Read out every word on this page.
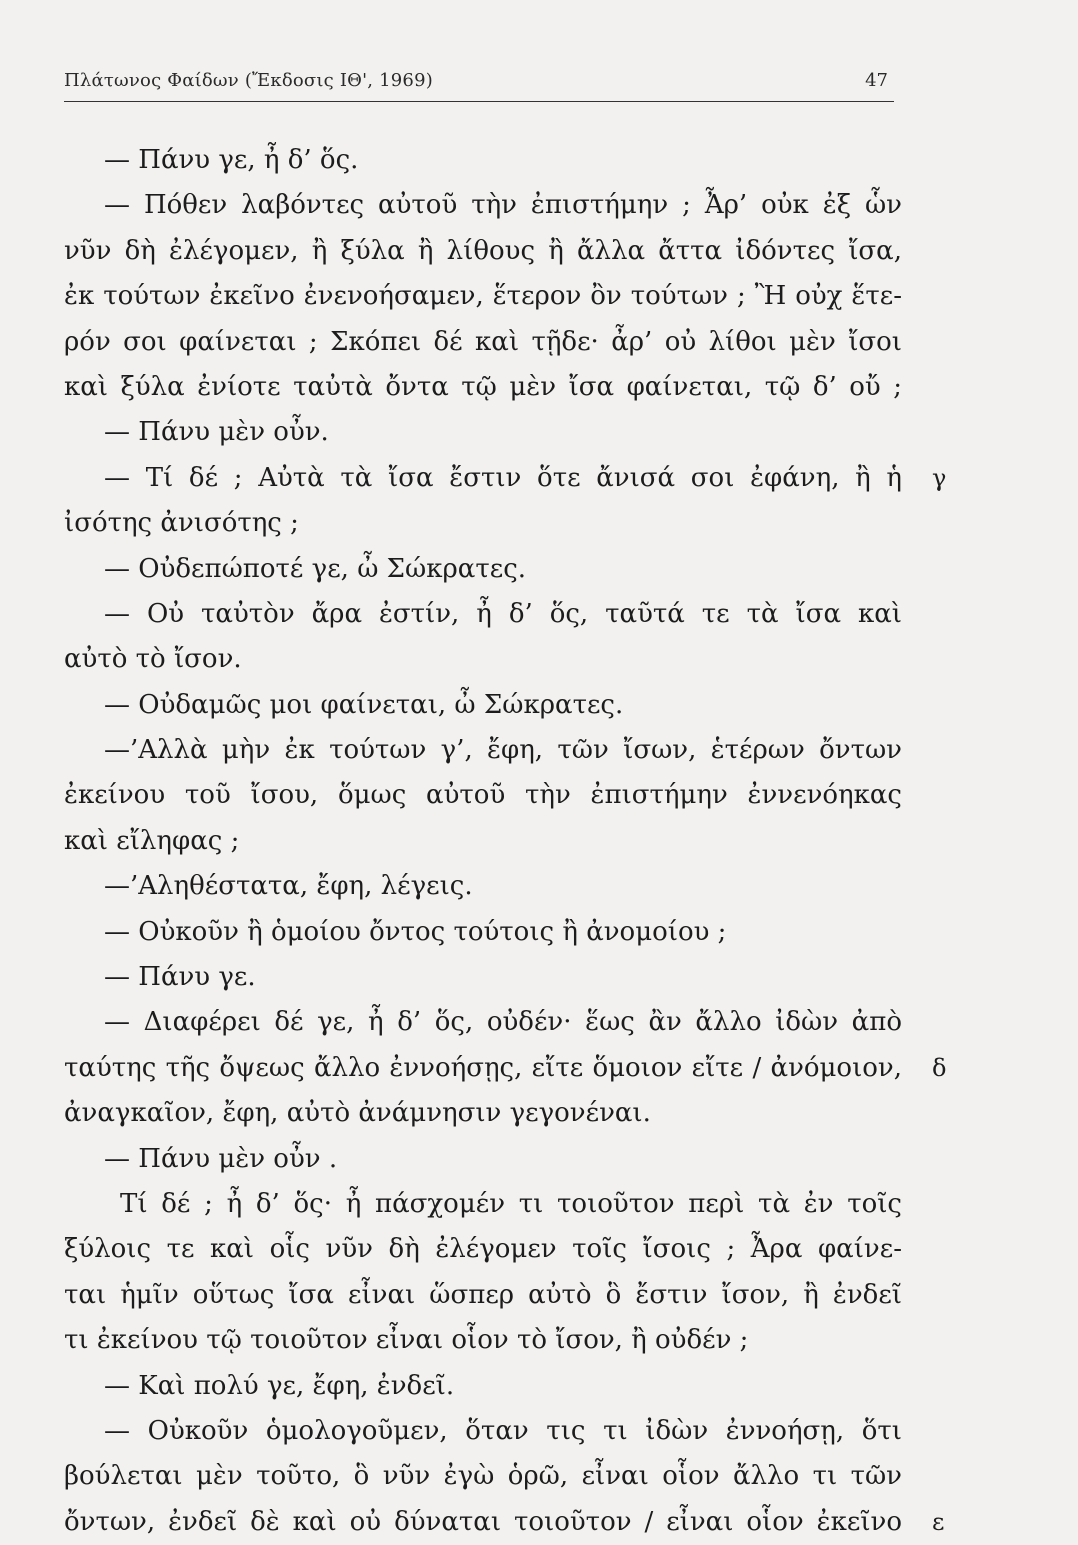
Πλάτωνος Φαίδων (Ἔκδοσις ΙΘ', 1969)	47
— Πάνυ γε, ἦ δ’ ὅς.
— Πόθεν λαβόντες αὐτοῦ τὴν ἐπιστήμην ; Ἆρ’ οὐκ ἐξ ὧν
νῦν δὴ ἐλέγομεν, ἢ ξύλα ἢ λίθους ἢ ἄλλα ἄττα ἰδόντες ἴσα,
ἐκ τούτων ἐκεῖνο ἐνενοήσαμεν, ἕτερον ὂν τούτων ; Ἢ οὐχ ἕτε-
ρόν σοι φαίνεται ; Σκόπει δέ καὶ τῇδε· ἆρ’ οὐ λίθοι μὲν ἴσοι
καὶ ξύλα ἐνίοτε ταὐτὰ ὄντα τῷ μὲν ἴσα φαίνεται, τῷ δ’ οὔ ;
— Πάνυ μὲν οὖν.
— Τί δέ ; Αὐτὰ τὰ ἴσα ἔστιν ὅτε ἄνισά σοι ἐφάνη, ἢ ἡ
ἰσότης ἀνισότης ;
— Οὐδεπώποτέ γε, ὦ Σώκρατες.
— Οὐ ταὐτὸν ἄρα ἐστίν, ἦ δ’ ὅς, ταῦτά τε τὰ ἴσα καὶ
αὐτὸ τὸ ἴσον.
— Οὐδαμῶς μοι φαίνεται, ὦ Σώκρατες.
—’Αλλὰ μὴν ἐκ τούτων γ’, ἔφη, τῶν ἴσων, ἑτέρων ὄντων
ἐκείνου τοῦ ἴσου, ὅμως αὐτοῦ τὴν ἐπιστήμην ἐννενόηκας
καὶ εἴληφας ;
—’Αληθέστατα, ἔφη, λέγεις.
— Οὐκοῦν ἢ ὁμοίου ὄντος τούτοις ἢ ἀνομοίου ;
— Πάνυ γε.
— Διαφέρει δέ γε, ἦ δ’ ὅς, οὐδέν· ἕως ἂν ἄλλο ἰδὼν ἀπὸ
ταύτης τῆς ὄψεως ἄλλο ἐννοήσῃς, εἴτε ὅμοιον εἴτε / ἀνόμοιον,
ἀναγκαῖον, ἔφη, αὐτὸ ἀνάμνησιν γεγονέναι.
— Πάνυ μὲν οὖν .
Τί δέ ; ἦ δ’ ὅς· ἦ πάσχομέν τι τοιοῦτον περὶ τὰ ἐν τοῖς
ξύλοις τε καὶ οἷς νῦν δὴ ἐλέγομεν τοῖς ἴσοις ; Ἆρα φαίνε-
ται ἡμῖν οὕτως ἴσα εἶναι ὥσπερ αὐτὸ ὃ ἔστιν ἴσον, ἢ ἐνδεῖ
τι ἐκείνου τῷ τοιοῦτον εἶναι οἷον τὸ ἴσον, ἢ οὐδέν ;
— Καὶ πολύ γε, ἔφη, ἐνδεῖ.
— Οὐκοῦν ὁμολογοῦμεν, ὅταν τις τι ἰδὼν ἐννοήσῃ, ὅτι
βούλεται μὲν τοῦτο, ὃ νῦν ἐγὼ ὁρῶ, εἶναι οἷον ἄλλο τι τῶν
ὄντων, ἐνδεῖ δὲ καὶ οὐ δύναται τοιοῦτον / εἶναι οἷον ἐκεῖνο
γ
δ
ε
